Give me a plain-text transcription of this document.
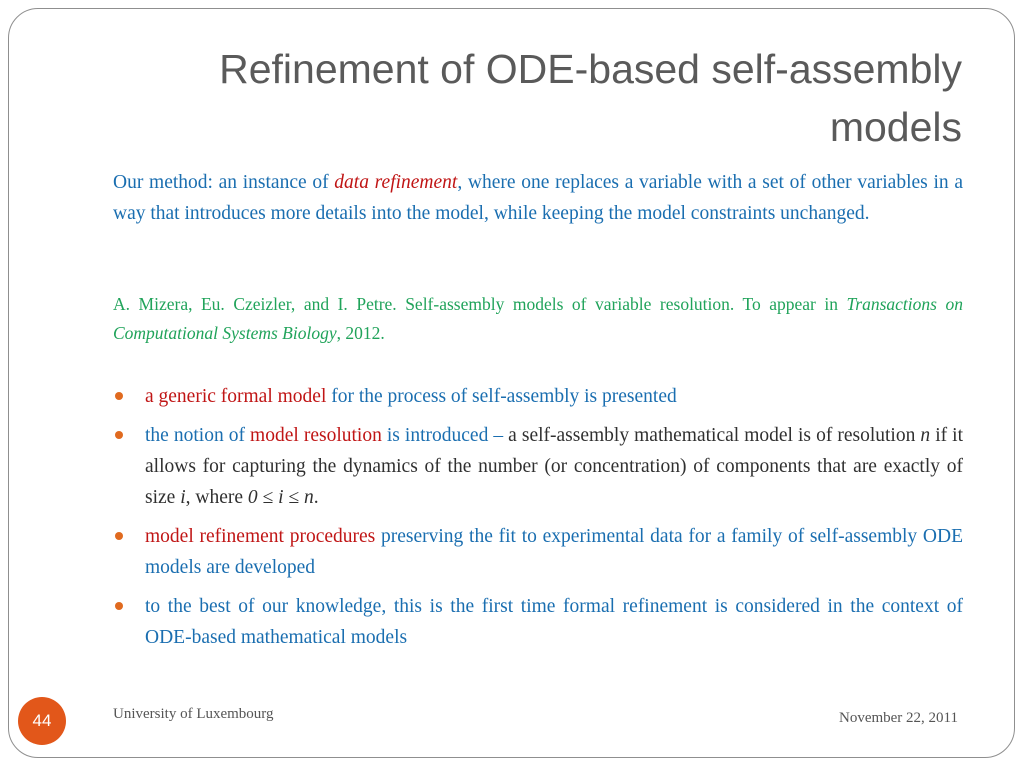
Refinement of ODE-based self-assembly models

Our method: an instance of data refinement, where one replaces a variable with a set of other variables in a way that introduces more details into the model, while keeping the model constraints unchanged.

A. Mizera, Eu. Czeizler, and I. Petre. Self-assembly models of variable resolution. To appear in Transactions on Computational Systems Biology, 2012.

a generic formal model for the process of self-assembly is presented
the notion of model resolution is introduced – a self-assembly mathematical model is of resolution n if it allows for capturing the dynamics of the number (or concentration) of components that are exactly of size i, where 0 ≤ i ≤ n.
model refinement procedures preserving the fit to experimental data for a family of self-assembly ODE models are developed
to the best of our knowledge, this is the first time formal refinement is considered in the context of ODE-based mathematical models
44	University of Luxembourg	November 22, 2011
